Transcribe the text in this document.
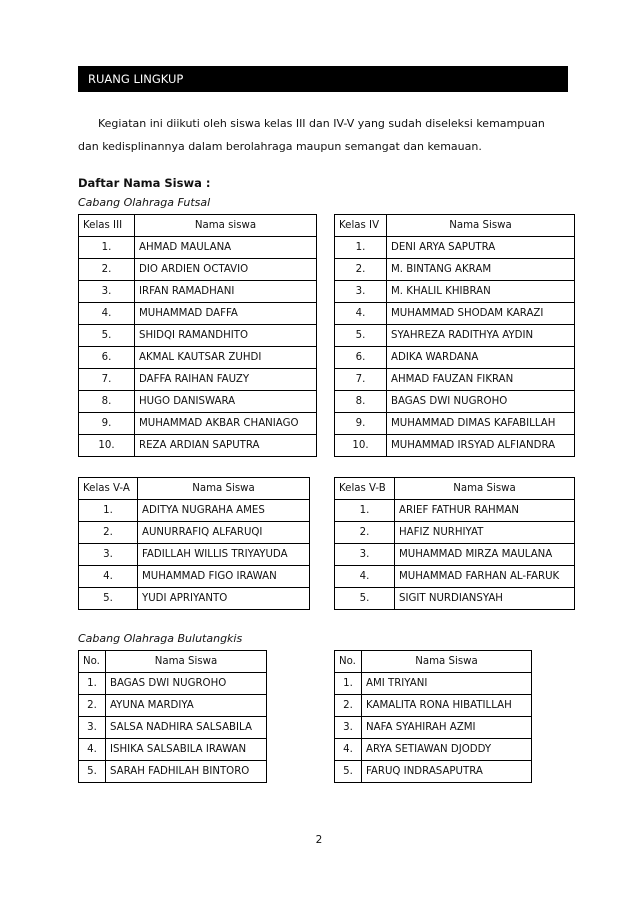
RUANG LINGKUP
Kegiatan ini diikuti oleh siswa kelas III dan IV-V yang sudah diseleksi kemampuan dan kedisplinannya dalam berolahraga maupun semangat dan kemauan.
Daftar Nama Siswa :
Cabang Olahraga Futsal
Kelas III	Nama siswa
1.	AHMAD MAULANA
2.	DIO ARDIEN OCTAVIO
3.	IRFAN RAMADHANI
4.	MUHAMMAD DAFFA
5.	SHIDQI RAMANDHITO
6.	AKMAL KAUTSAR ZUHDI
7.	DAFFA RAIHAN FAUZY
8.	HUGO DANISWARA
9.	MUHAMMAD AKBAR CHANIAGO
10.	REZA ARDIAN SAPUTRA
Kelas IV	Nama Siswa
1.	DENI ARYA SAPUTRA
2.	M. BINTANG AKRAM
3.	M. KHALIL KHIBRAN
4.	MUHAMMAD SHODAM KARAZI
5.	SYAHREZA RADITHYA AYDIN
6.	ADIKA WARDANA
7.	AHMAD FAUZAN FIKRAN
8.	BAGAS DWI NUGROHO
9.	MUHAMMAD DIMAS KAFABILLAH
10.	MUHAMMAD IRSYAD ALFIANDRA
Kelas V-A	Nama Siswa
1.	ADITYA NUGRAHA AMES
2.	AUNURRAFIQ ALFARUQI
3.	FADILLAH WILLIS TRIYAYUDA
4.	MUHAMMAD FIGO IRAWAN
5.	YUDI APRIYANTO
Kelas V-B	Nama Siswa
1.	ARIEF FATHUR RAHMAN
2.	HAFIZ NURHIYAT
3.	MUHAMMAD MIRZA MAULANA
4.	MUHAMMAD FARHAN AL-FARUK
5.	SIGIT NURDIANSYAH
Cabang Olahraga Bulutangkis
No.	Nama Siswa
1.	BAGAS DWI NUGROHO
2.	AYUNA MARDIYA
3.	SALSA NADHIRA SALSABILA
4.	ISHIKA SALSABILA IRAWAN
5.	SARAH FADHILAH BINTORO
No.	Nama Siswa
1.	AMI TRIYANI
2.	KAMALITA RONA HIBATILLAH
3.	NAFA SYAHIRAH AZMI
4.	ARYA SETIAWAN DJODDY
5.	FARUQ INDRASAPUTRA
2
